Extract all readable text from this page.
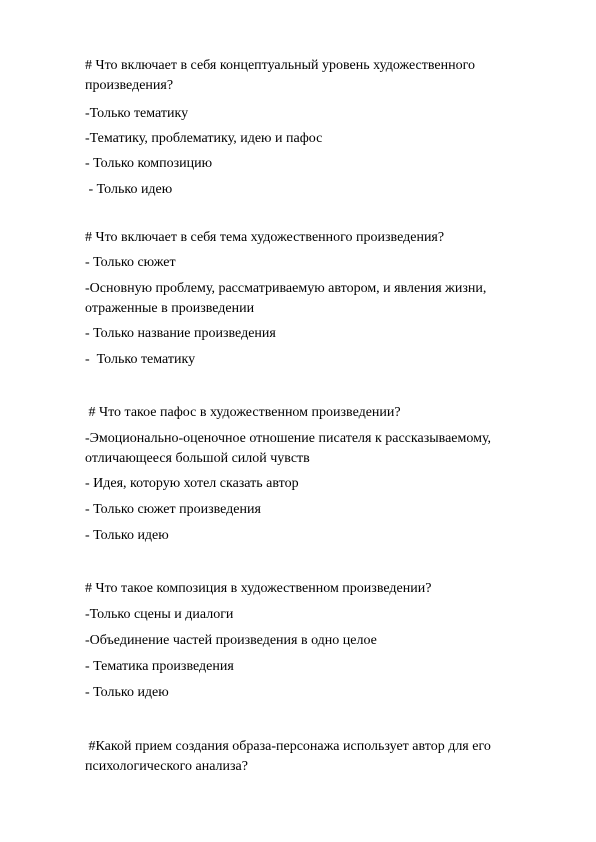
# Что включает в себя концептуальный уровень художественного произведения?

-Только тематику

-Тематику, проблематику, идею и пафос

- Только композицию

- Только идею

# Что включает в себя тема художественного произведения?

- Только сюжет

-Основную проблему, рассматриваемую автором, и явления жизни, отраженные в произведении

- Только название произведения

-  Только тематику

# Что такое пафос в художественном произведении?

-Эмоционально-оценочное отношение писателя к рассказываемому, отличающееся большой силой чувств

- Идея, которую хотел сказать автор

- Только сюжет произведения

- Только идею

# Что такое композиция в художественном произведении?

-Только сцены и диалоги

-Объединение частей произведения в одно целое

- Тематика произведения

- Только идею

#Какой прием создания образа-персонажа использует автор для его психологического анализа?
